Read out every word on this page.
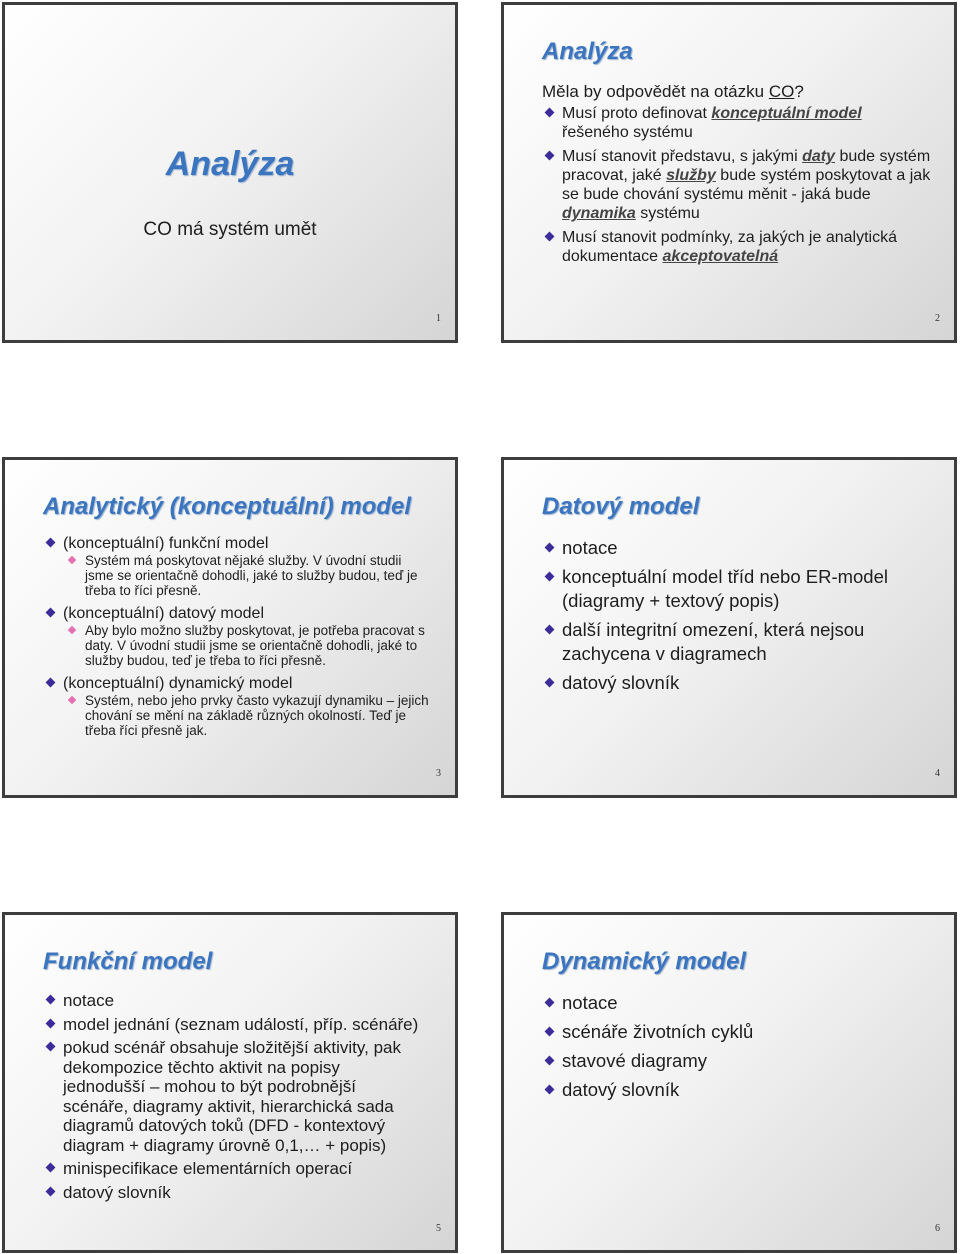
Analýza
CO má systém umět
1
Analýza

Měla by odpovědět na otázku CO?

Musí proto definovat konceptuální model řešeného systému
Musí stanovit představu, s jakými daty bude systém pracovat, jaké služby bude systém poskytovat a jak se bude chování systému měnit - jaká bude dynamika systému
Musí stanovit podmínky, za jakých je analytická dokumentace akceptovatelná
2
Analytický (konceptuální) model
(konceptuální) funkční model
Systém má poskytovat nějaké služby. V úvodní studii jsme se orientačně dohodli, jaké to služby budou, teď je třeba to říci přesně.
(konceptuální) datový model
Aby bylo možno služby poskytovat, je potřeba pracovat s daty. V úvodní studii jsme se orientačně dohodli, jaké to služby budou, teď je třeba to říci přesně.
(konceptuální) dynamický model
Systém, nebo jeho prvky často vykazují dynamiku – jejich chování se mění na základě různých okolností. Teď je třeba říci přesně jak.
3
Datový model
notace
konceptuální model tříd nebo ER-model (diagramy + textový popis)
další integritní omezení, která nejsou zachycena v diagramech
datový slovník
4
Funkční model
notace
model jednání (seznam událostí, příp. scénáře)
pokud scénář obsahuje složitější aktivity, pak dekompozice těchto aktivit na popisy jednodušší – mohou to být podrobnější scénáře, diagramy aktivit, hierarchická sada diagramů datových toků (DFD - kontextový diagram + diagramy úrovně 0,1,… + popis)
minispecifikace elementárních operací
datový slovník
5
Dynamický model
notace
scénáře životních cyklů
stavové diagramy
datový slovník
6
